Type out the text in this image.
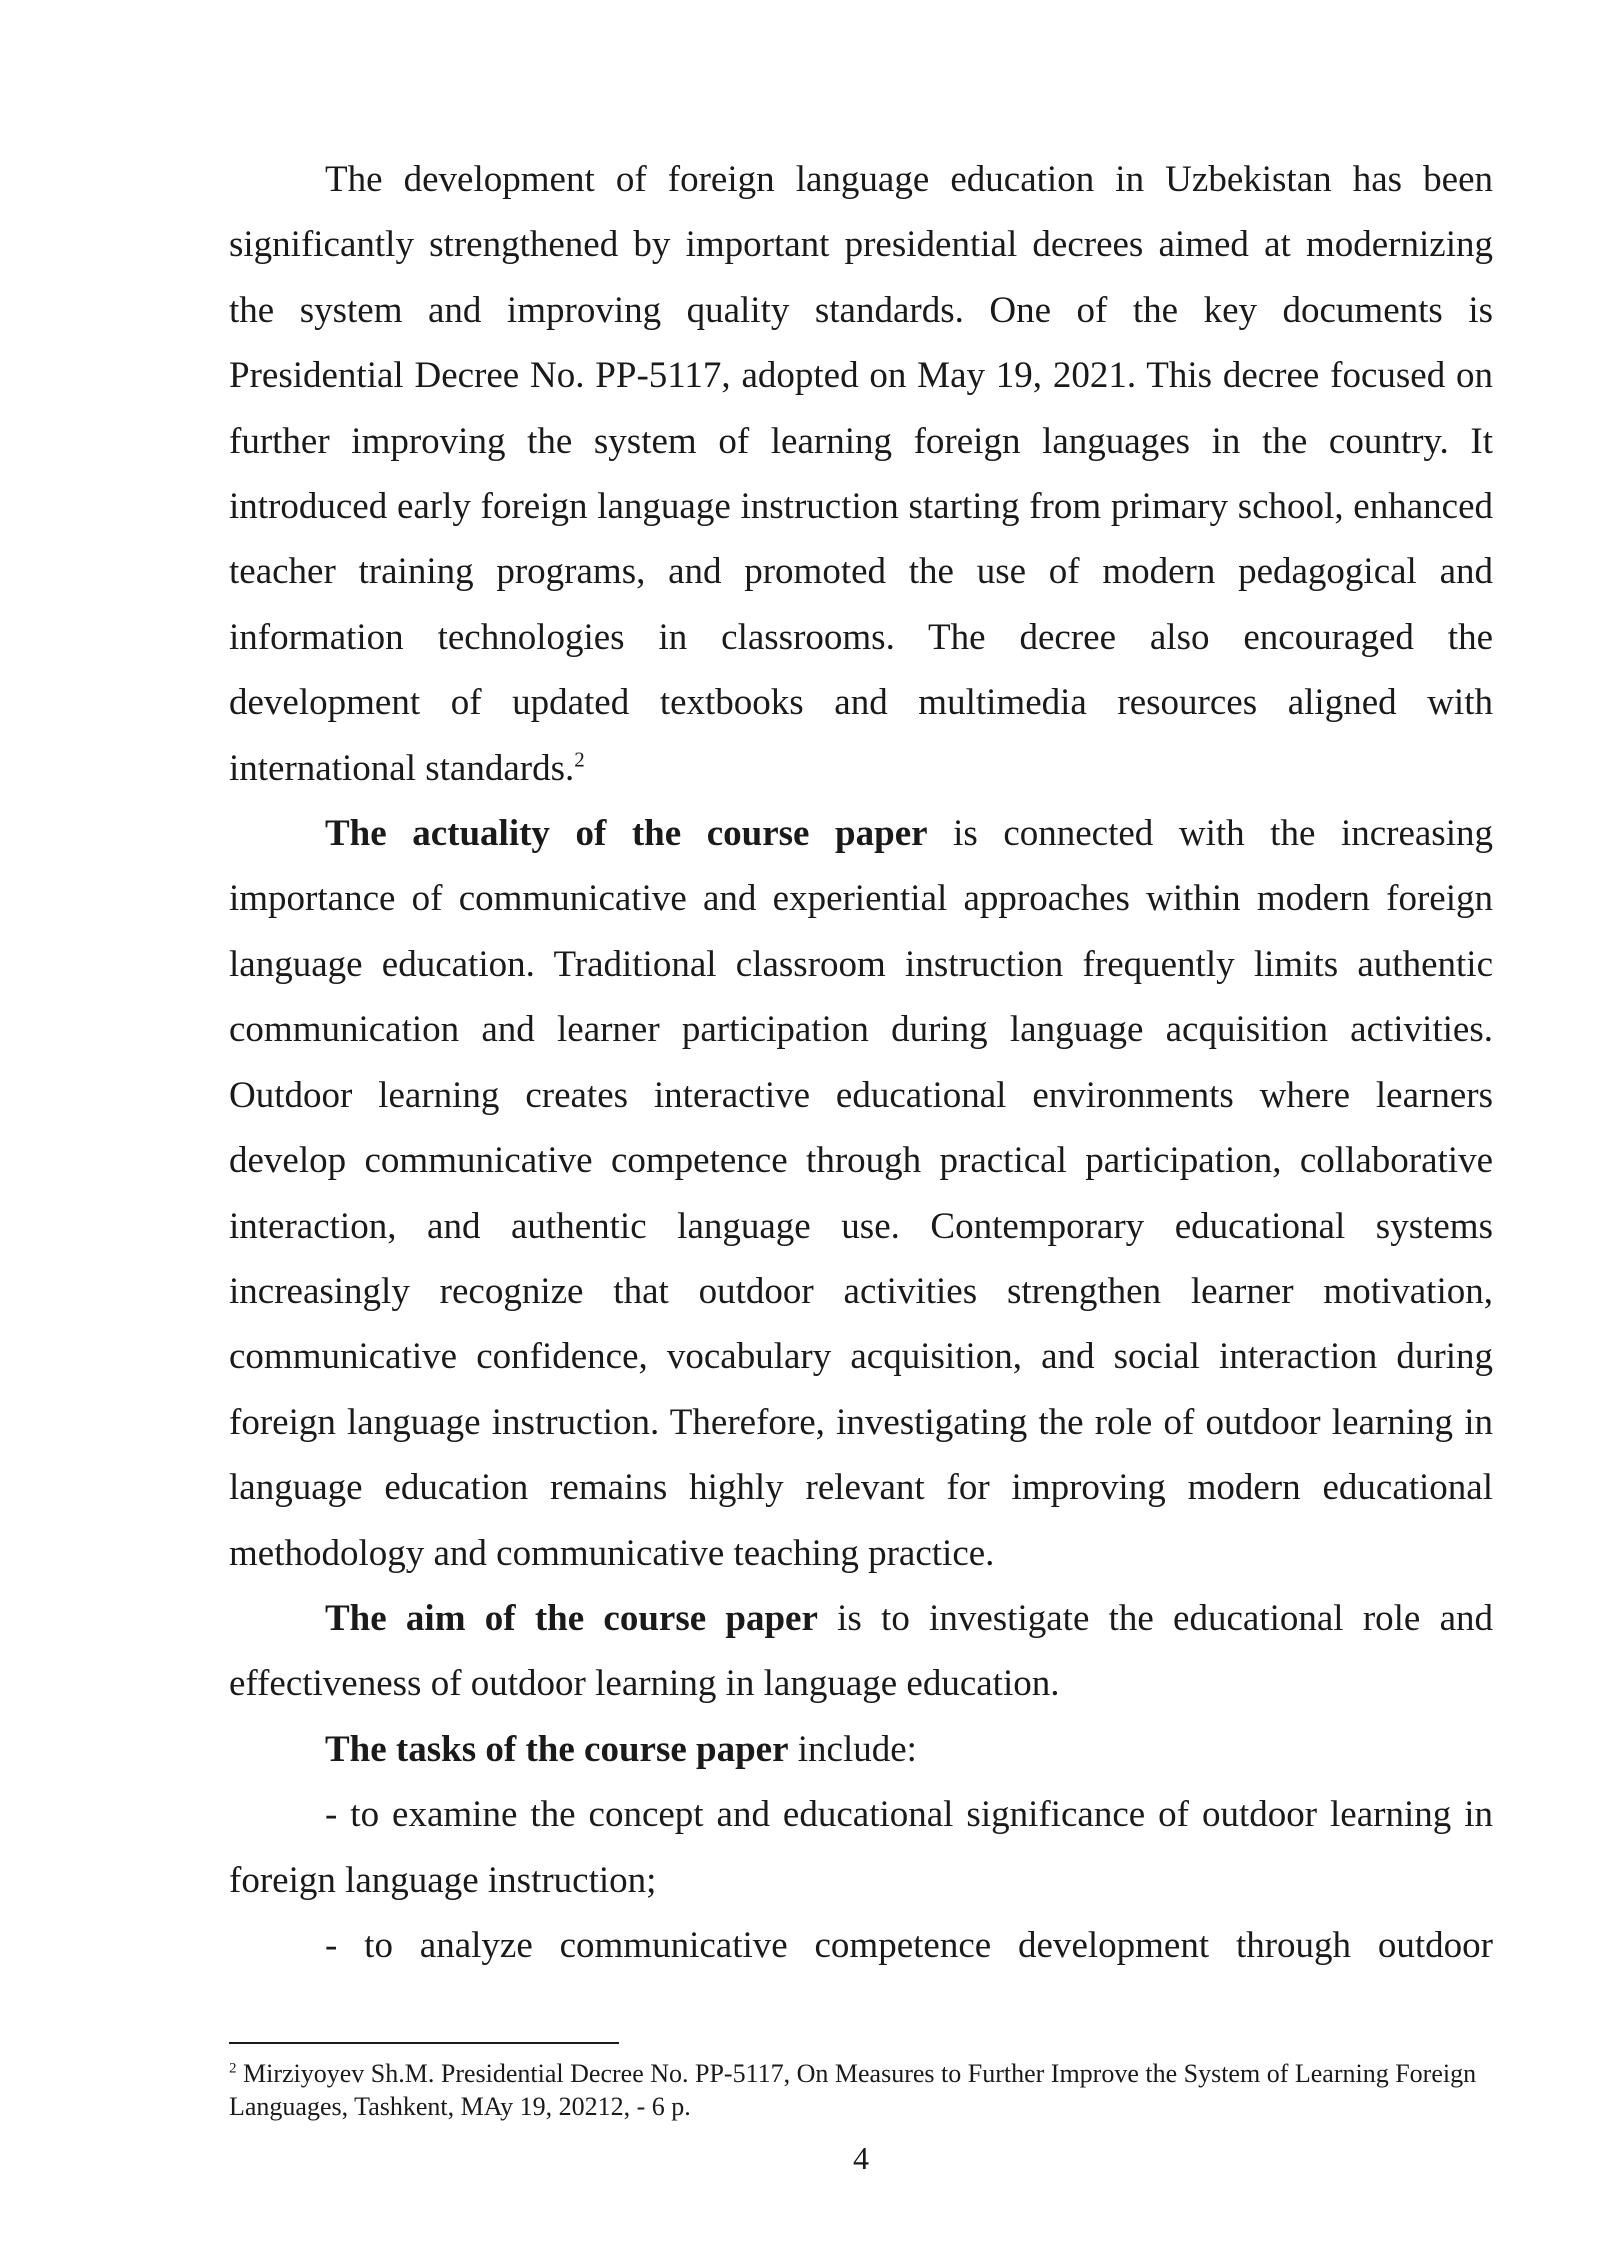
The development of foreign language education in Uzbekistan has been significantly strengthened by important presidential decrees aimed at modernizing the system and improving quality standards. One of the key documents is Presidential Decree No. PP-5117, adopted on May 19, 2021. This decree focused on further improving the system of learning foreign languages in the country. It introduced early foreign language instruction starting from primary school, enhanced teacher training programs, and promoted the use of modern pedagogical and information technologies in classrooms. The decree also encouraged the development of updated textbooks and multimedia resources aligned with international standards.$^2$

The actuality of the course paper is connected with the increasing importance of communicative and experiential approaches within modern foreign language education. Traditional classroom instruction frequently limits authentic communication and learner participation during language acquisition activities. Outdoor learning creates interactive educational environments where learners develop communicative competence through practical participation, collaborative interaction, and authentic language use. Contemporary educational systems increasingly recognize that outdoor activities strengthen learner motivation, communicative confidence, vocabulary acquisition, and social interaction during foreign language instruction. Therefore, investigating the role of outdoor learning in language education remains highly relevant for improving modern educational methodology and communicative teaching practice.

The aim of the course paper is to investigate the educational role and effectiveness of outdoor learning in language education.

The tasks of the course paper include:

- to examine the concept and educational significance of outdoor learning in foreign language instruction;

- to analyze communicative competence development through outdoor

$^2$ Mirziyoyev Sh.M. Presidential Decree No. PP-5117, On Measures to Further Improve the System of Learning Foreign Languages, Tashkent, MAy 19, 20212, - 6 p.

4
